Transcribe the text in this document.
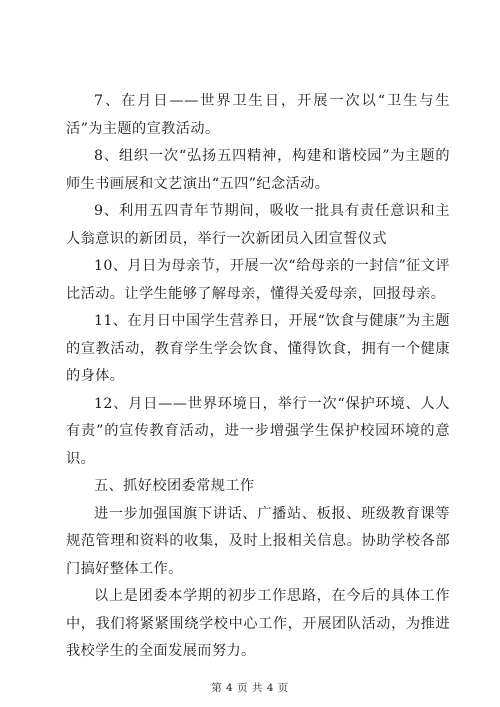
7、在月日——世界卫生日，开展一次以“卫生与生活”为主题的宣教活动。

8、组织一次“弘扬五四精神，构建和谐校园”为主题的师生书画展和文艺演出“五四”纪念活动。

9、利用五四青年节期间，吸收一批具有责任意识和主人翁意识的新团员，举行一次新团员入团宣誓仪式

10、月日为母亲节，开展一次“给母亲的一封信”征文评比活动。让学生能够了解母亲，懂得关爱母亲，回报母亲。

11、在月日中国学生营养日，开展“饮食与健康”为主题的宣教活动，教育学生学会饮食、懂得饮食，拥有一个健康的身体。

12、月日——世界环境日，举行一次“保护环境、人人有责”的宣传教育活动，进一步增强学生保护校园环境的意识。

五、抓好校团委常规工作

进一步加强国旗下讲话、广播站、板报、班级教育课等规范管理和资料的收集，及时上报相关信息。协助学校各部门搞好整体工作。

以上是团委本学期的初步工作思路，在今后的具体工作中，我们将紧紧围绕学校中心工作，开展团队活动，为推进我校学生的全面发展而努力。

第 4 页 共 4 页
